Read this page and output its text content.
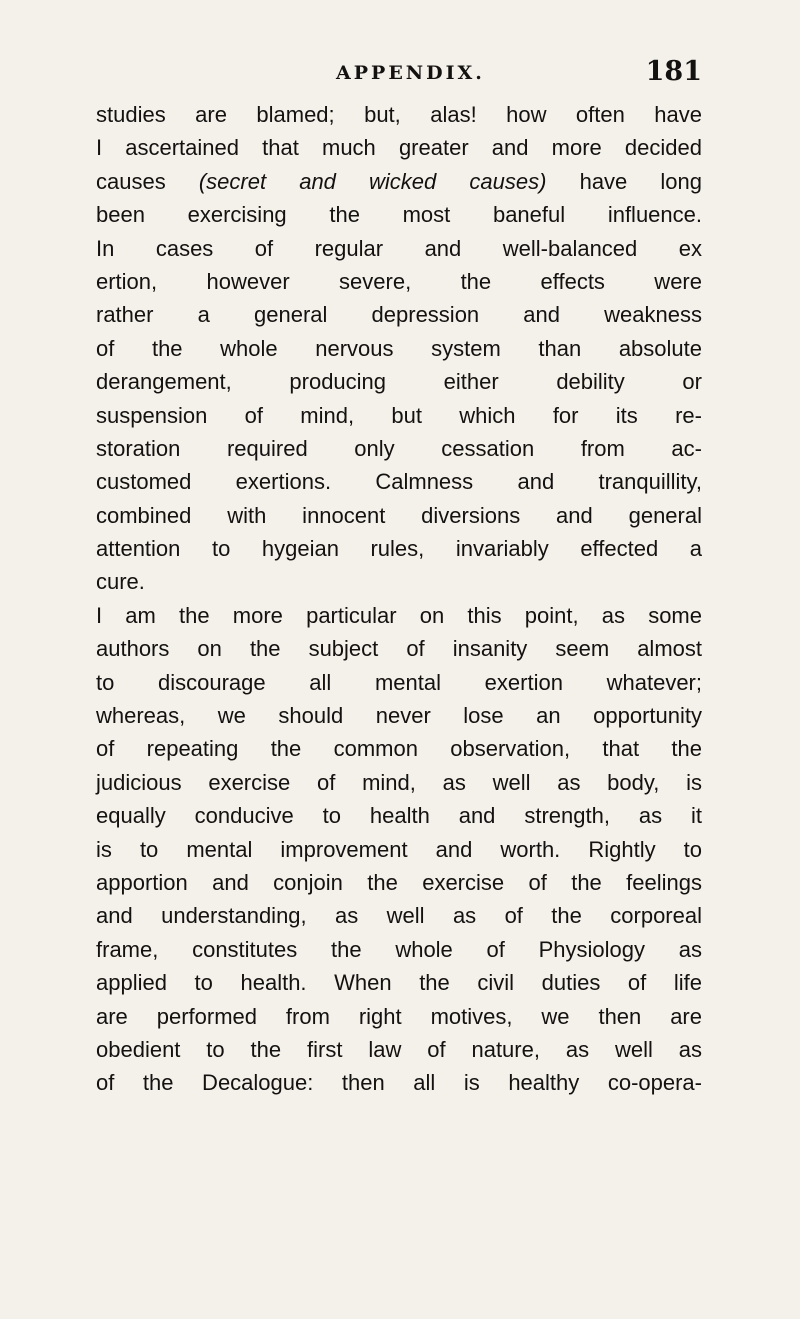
APPENDIX.	181
studies are blamed; but, alas! how often have
I ascertained that much greater and more decided
causes (secret and wicked causes) have long
been exercising the most baneful influence.
In cases of regular and well-balanced ex
ertion, however severe, the effects were
rather a general depression and weakness
of the whole nervous system than absolute
derangement, producing either debility or
suspension of mind, but which for its re-
storation required only cessation from ac-
customed exertions. Calmness and tranquillity,
combined with innocent diversions and general
attention to hygeian rules, invariably effected a
cure.
I am the more particular on this point, as some
authors on the subject of insanity seem almost
to discourage all mental exertion whatever;
whereas, we should never lose an opportunity
of repeating the common observation, that the
judicious exercise of mind, as well as body, is
equally conducive to health and strength, as it
is to mental improvement and worth. Rightly to
apportion and conjoin the exercise of the feelings
and understanding, as well as of the corporeal
frame, constitutes the whole of Physiology as
applied to health. When the civil duties of life
are performed from right motives, we then are
obedient to the first law of nature, as well as
of the Decalogue: then all is healthy co-opera-
